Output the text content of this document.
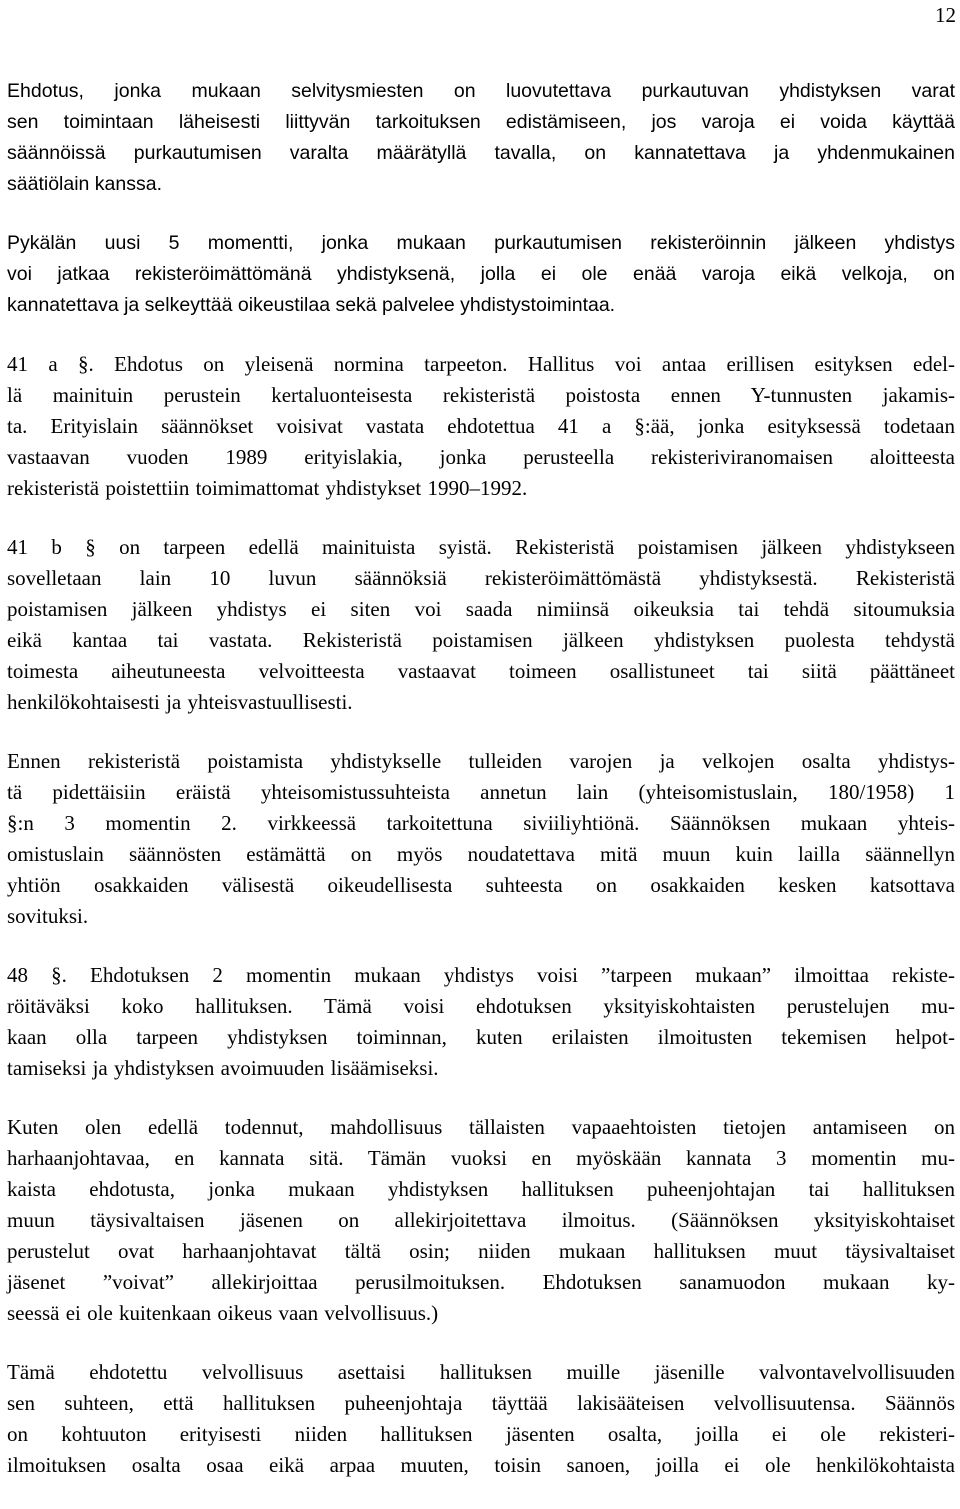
12

Ehdotus, jonka mukaan selvitysmiesten on luovutettava purkautuvan yhdistyksen varat
sen toimintaan läheisesti liittyvän tarkoituksen edistämiseen, jos varoja ei voida käyttää
säännöissä purkautumisen varalta määrätyllä tavalla, on kannatettava ja yhdenmukainen
säätiölain kanssa.

Pykälän uusi 5 momentti, jonka mukaan purkautumisen rekisteröinnin jälkeen yhdistys
voi jatkaa rekisteröimättömänä yhdistyksenä, jolla ei ole enää varoja eikä velkoja, on
kannatettava ja selkeyttää oikeustilaa sekä palvelee yhdistystoimintaa.

41 a §. Ehdotus on yleisenä normina tarpeeton. Hallitus voi antaa erillisen esityksen edel-
lä mainituin perustein kertaluonteisesta rekisteristä poistosta ennen Y-tunnusten jakamis-
ta. Erityislain säännökset voisivat vastata ehdotettua 41 a §:ää, jonka esityksessä todetaan
vastaavan vuoden 1989 erityislakia, jonka perusteella rekisteriviranomaisen aloitteesta
rekisteristä poistettiin toimimattomat yhdistykset 1990–1992.

41 b § on tarpeen edellä mainituista syistä. Rekisteristä poistamisen jälkeen yhdistykseen
sovelletaan lain 10 luvun säännöksiä rekisteröimättömästä yhdistyksestä. Rekisteristä
poistamisen jälkeen yhdistys ei siten voi saada nimiinsä oikeuksia tai tehdä sitoumuksia
eikä kantaa tai vastata. Rekisteristä poistamisen jälkeen yhdistyksen puolesta tehdystä
toimesta aiheutuneesta velvoitteesta vastaavat toimeen osallistuneet tai siitä päättäneet
henkilökohtaisesti ja yhteisvastuullisesti.

Ennen rekisteristä poistamista yhdistykselle tulleiden varojen ja velkojen osalta yhdistys-
tä pidettäisiin eräistä yhteisomistussuhteista annetun lain (yhteisomistuslain, 180/1958) 1
§:n 3 momentin 2. virkkeessä tarkoitettuna siviiliyhtiönä. Säännöksen mukaan yhteis-
omistuslain säännösten estämättä on myös noudatettava mitä muun kuin lailla säännellyn
yhtiön osakkaiden välisestä oikeudellisesta suhteesta on osakkaiden kesken katsottava
sovituksi.

48 §. Ehdotuksen 2 momentin mukaan yhdistys voisi ”tarpeen mukaan” ilmoittaa rekiste-
röitäväksi koko hallituksen. Tämä voisi ehdotuksen yksityiskohtaisten perustelujen mu-
kaan olla tarpeen yhdistyksen toiminnan, kuten erilaisten ilmoitusten tekemisen helpot-
tamiseksi ja yhdistyksen avoimuuden lisäämiseksi.

Kuten olen edellä todennut, mahdollisuus tällaisten vapaaehtoisten tietojen antamiseen on
harhaanjohtavaa, en kannata sitä. Tämän vuoksi en myöskään kannata 3 momentin mu-
kaista ehdotusta, jonka mukaan yhdistyksen hallituksen puheenjohtajan tai hallituksen
muun täysivaltaisen jäsenen on allekirjoitettava ilmoitus. (Säännöksen yksityiskohtaiset
perustelut ovat harhaanjohtavat tältä osin; niiden mukaan hallituksen muut täysivaltaiset
jäsenet ”voivat” allekirjoittaa perusilmoituksen. Ehdotuksen sanamuodon mukaan ky-
seessä ei ole kuitenkaan oikeus vaan velvollisuus.)

Tämä ehdotettu velvollisuus asettaisi hallituksen muille jäsenille valvontavelvollisuuden
sen suhteen, että hallituksen puheenjohtaja täyttää lakisääteisen velvollisuutensa. Säännös
on kohtuuton erityisesti niiden hallituksen jäsenten osalta, joilla ei ole rekisteri-
ilmoituksen osalta osaa eikä arpaa muuten, toisin sanoen, joilla ei ole henkilökohtaista
